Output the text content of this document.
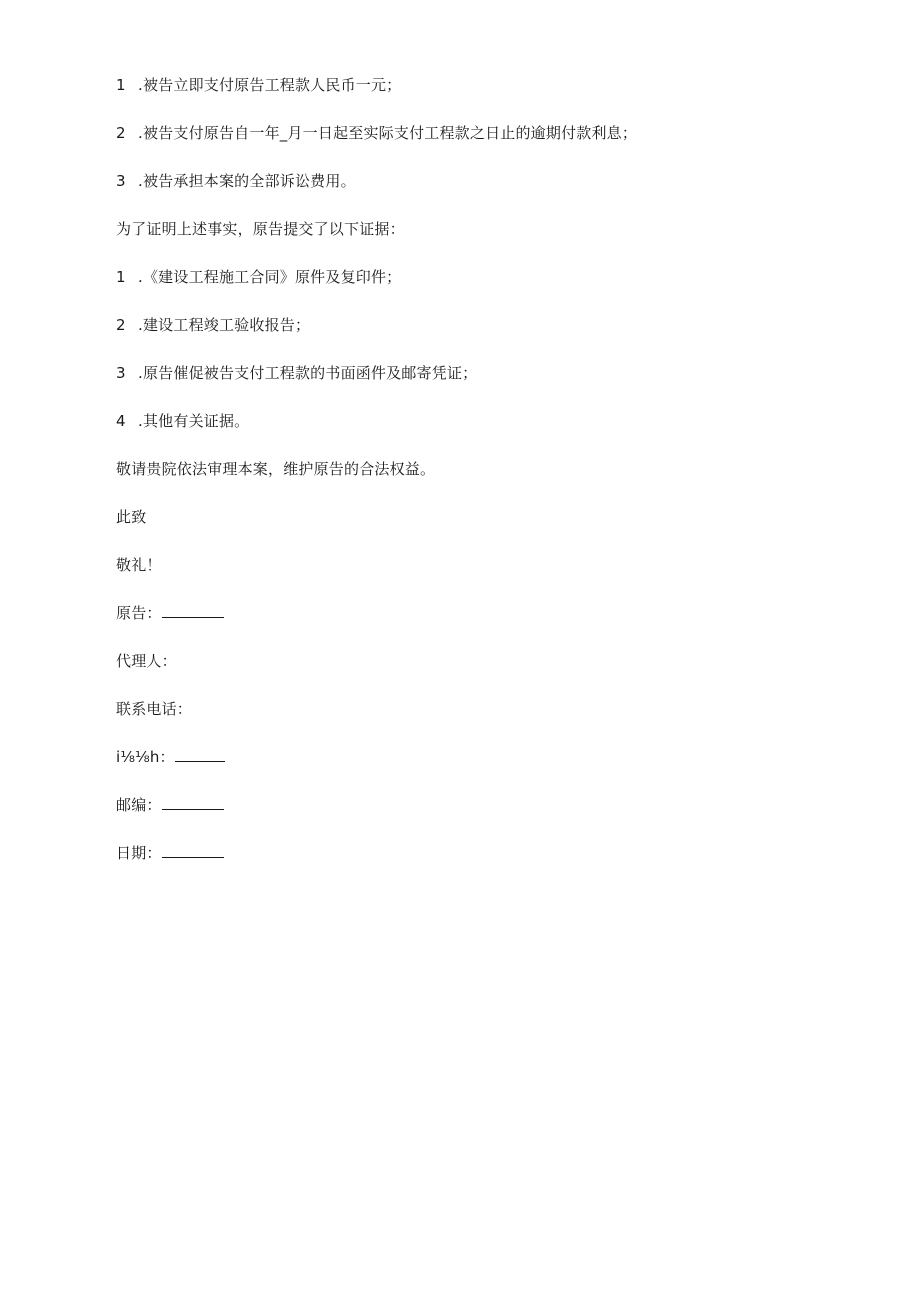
1 .被告立即支付原告工程款人民币一元；
2 .被告支付原告自一年_月一日起至实际支付工程款之日止的逾期付款利息；
3 .被告承担本案的全部诉讼费用。
为了证明上述事实，原告提交了以下证据：
1 .《建设工程施工合同》原件及复印件；
2 .建设工程竣工验收报告；
3 .原告催促被告支付工程款的书面函件及邮寄凭证；
4 .其他有关证据。
敬请贵院依法审理本案，维护原告的合法权益。
此致
敬礼！
原告：
代理人：
联系电话：
i⅛⅛h：
邮编：
日期：
